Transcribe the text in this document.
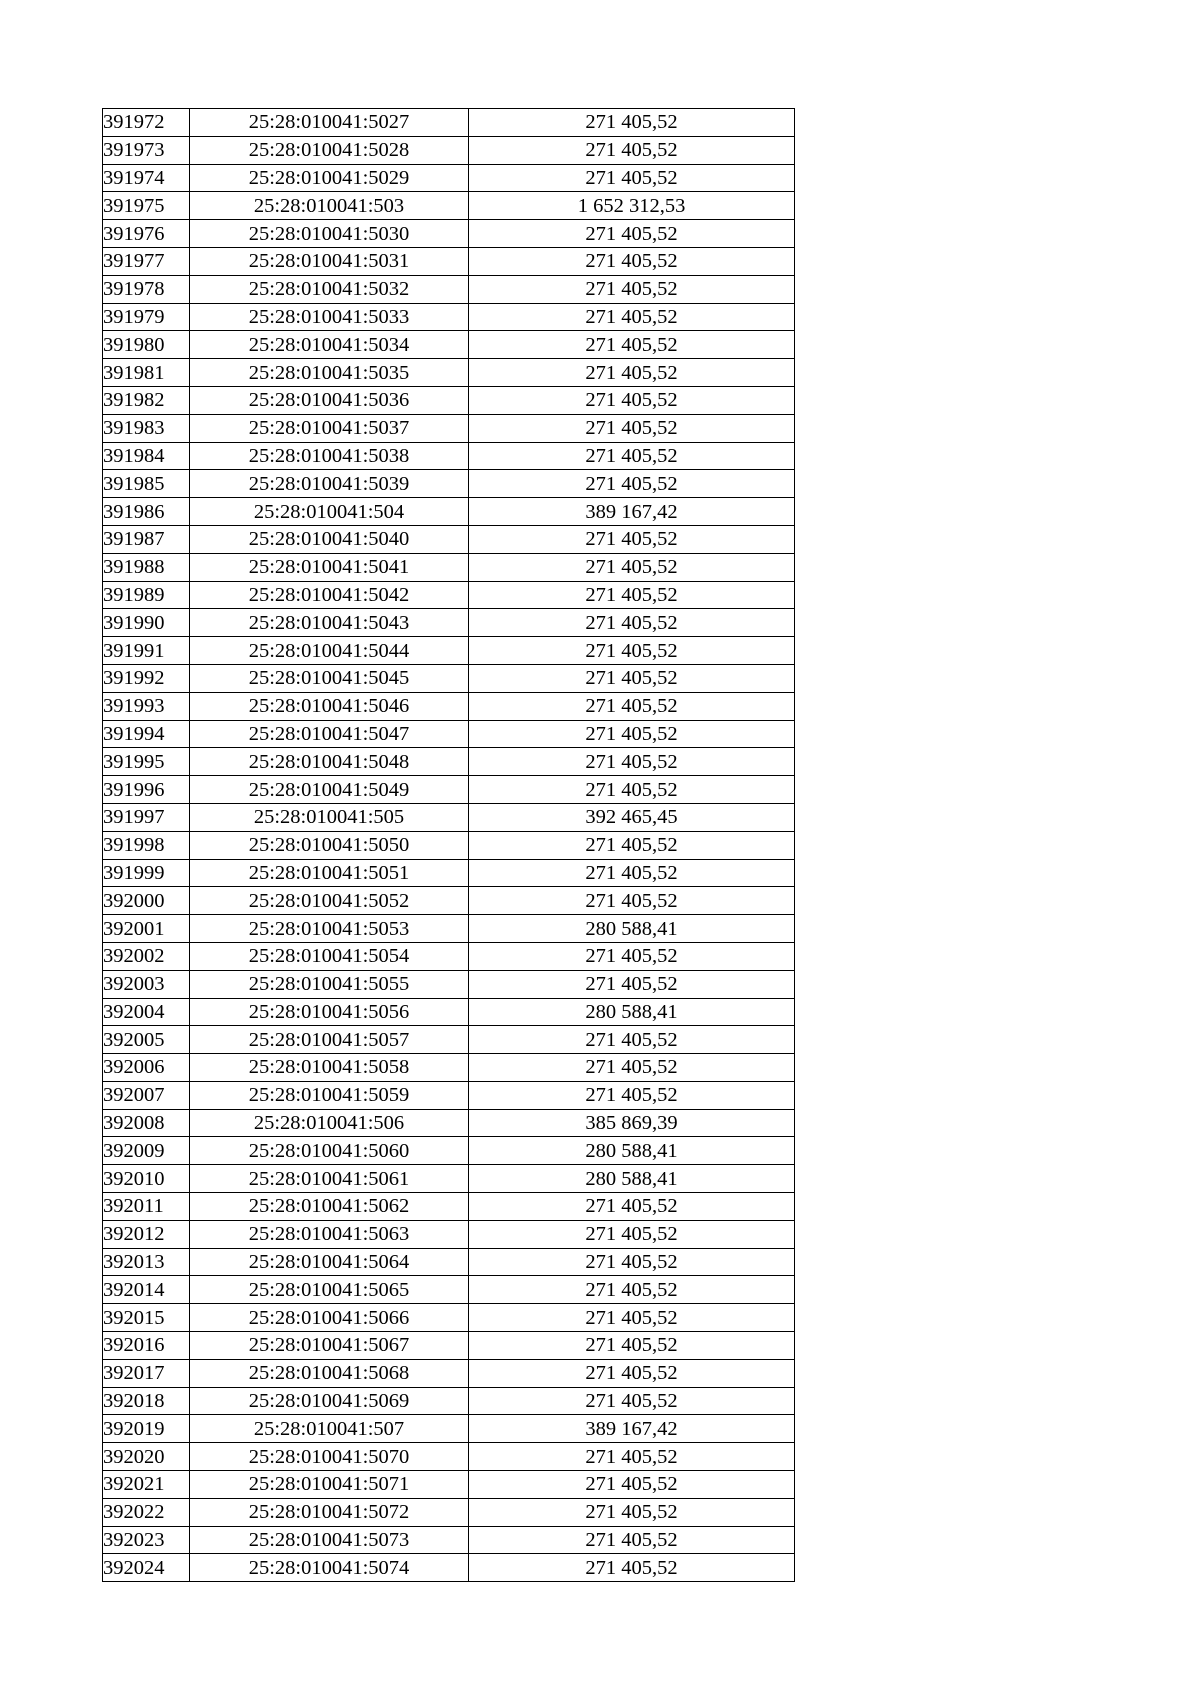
391972	25:28:010041:5027	271 405,52
391973	25:28:010041:5028	271 405,52
391974	25:28:010041:5029	271 405,52
391975	25:28:010041:503	1 652 312,53
391976	25:28:010041:5030	271 405,52
391977	25:28:010041:5031	271 405,52
391978	25:28:010041:5032	271 405,52
391979	25:28:010041:5033	271 405,52
391980	25:28:010041:5034	271 405,52
391981	25:28:010041:5035	271 405,52
391982	25:28:010041:5036	271 405,52
391983	25:28:010041:5037	271 405,52
391984	25:28:010041:5038	271 405,52
391985	25:28:010041:5039	271 405,52
391986	25:28:010041:504	389 167,42
391987	25:28:010041:5040	271 405,52
391988	25:28:010041:5041	271 405,52
391989	25:28:010041:5042	271 405,52
391990	25:28:010041:5043	271 405,52
391991	25:28:010041:5044	271 405,52
391992	25:28:010041:5045	271 405,52
391993	25:28:010041:5046	271 405,52
391994	25:28:010041:5047	271 405,52
391995	25:28:010041:5048	271 405,52
391996	25:28:010041:5049	271 405,52
391997	25:28:010041:505	392 465,45
391998	25:28:010041:5050	271 405,52
391999	25:28:010041:5051	271 405,52
392000	25:28:010041:5052	271 405,52
392001	25:28:010041:5053	280 588,41
392002	25:28:010041:5054	271 405,52
392003	25:28:010041:5055	271 405,52
392004	25:28:010041:5056	280 588,41
392005	25:28:010041:5057	271 405,52
392006	25:28:010041:5058	271 405,52
392007	25:28:010041:5059	271 405,52
392008	25:28:010041:506	385 869,39
392009	25:28:010041:5060	280 588,41
392010	25:28:010041:5061	280 588,41
392011	25:28:010041:5062	271 405,52
392012	25:28:010041:5063	271 405,52
392013	25:28:010041:5064	271 405,52
392014	25:28:010041:5065	271 405,52
392015	25:28:010041:5066	271 405,52
392016	25:28:010041:5067	271 405,52
392017	25:28:010041:5068	271 405,52
392018	25:28:010041:5069	271 405,52
392019	25:28:010041:507	389 167,42
392020	25:28:010041:5070	271 405,52
392021	25:28:010041:5071	271 405,52
392022	25:28:010041:5072	271 405,52
392023	25:28:010041:5073	271 405,52
392024	25:28:010041:5074	271 405,52
